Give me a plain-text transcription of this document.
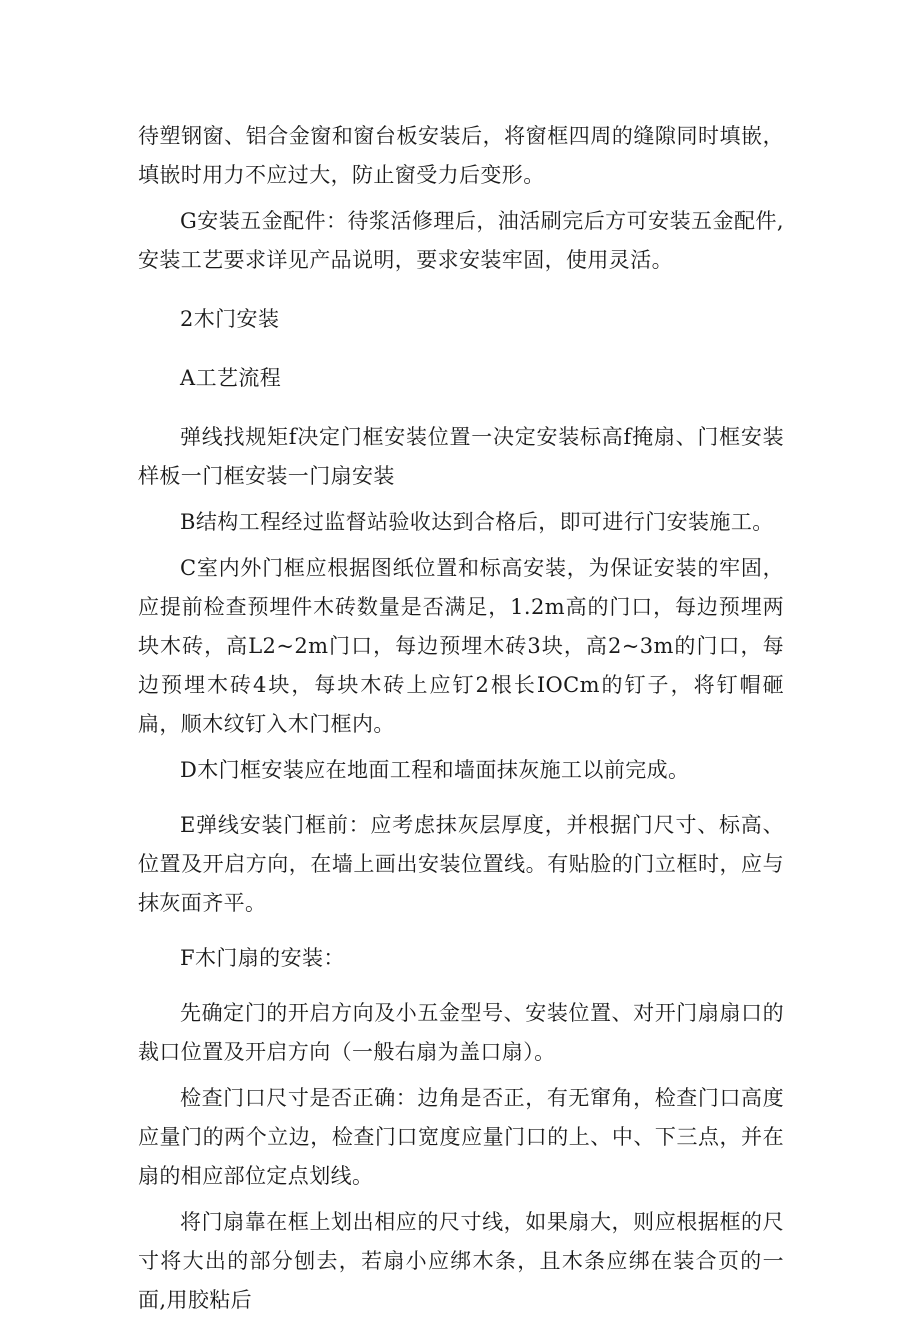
待塑钢窗、铝合金窗和窗台板安装后，将窗框四周的缝隙同时填嵌，填嵌时用力不应过大，防止窗受力后变形。

G安装五金配件：待浆活修理后，油活刷完后方可安装五金配件,安装工艺要求详见产品说明，要求安装牢固，使用灵活。

2木门安装

A工艺流程

弹线找规矩f决定门框安装位置一决定安装标高f掩扇、门框安装样板一门框安装一门扇安装

B结构工程经过监督站验收达到合格后，即可进行门安装施工。

C室内外门框应根据图纸位置和标高安装，为保证安装的牢固，应提前检查预埋件木砖数量是否满足，1.2m高的门口，每边预埋两块木砖，高L2~2m门口，每边预埋木砖3块，高2~3m的门口，每边预埋木砖4块，每块木砖上应钉2根长IOCm的钉子，将钉帽砸扁，顺木纹钉入木门框内。

D木门框安装应在地面工程和墙面抹灰施工以前完成。

E弹线安装门框前：应考虑抹灰层厚度，并根据门尺寸、标高、位置及开启方向，在墙上画出安装位置线。有贴脸的门立框时，应与抹灰面齐平。

F木门扇的安装：

先确定门的开启方向及小五金型号、安装位置、对开门扇扇口的裁口位置及开启方向（一般右扇为盖口扇）。

检查门口尺寸是否正确：边角是否正，有无窜角，检查门口高度应量门的两个立边，检查门口宽度应量门口的上、中、下三点，并在扇的相应部位定点划线。

将门扇靠在框上划出相应的尺寸线，如果扇大，则应根据框的尺寸将大出的部分刨去，若扇小应绑木条，且木条应绑在装合页的一面,用胶粘后
